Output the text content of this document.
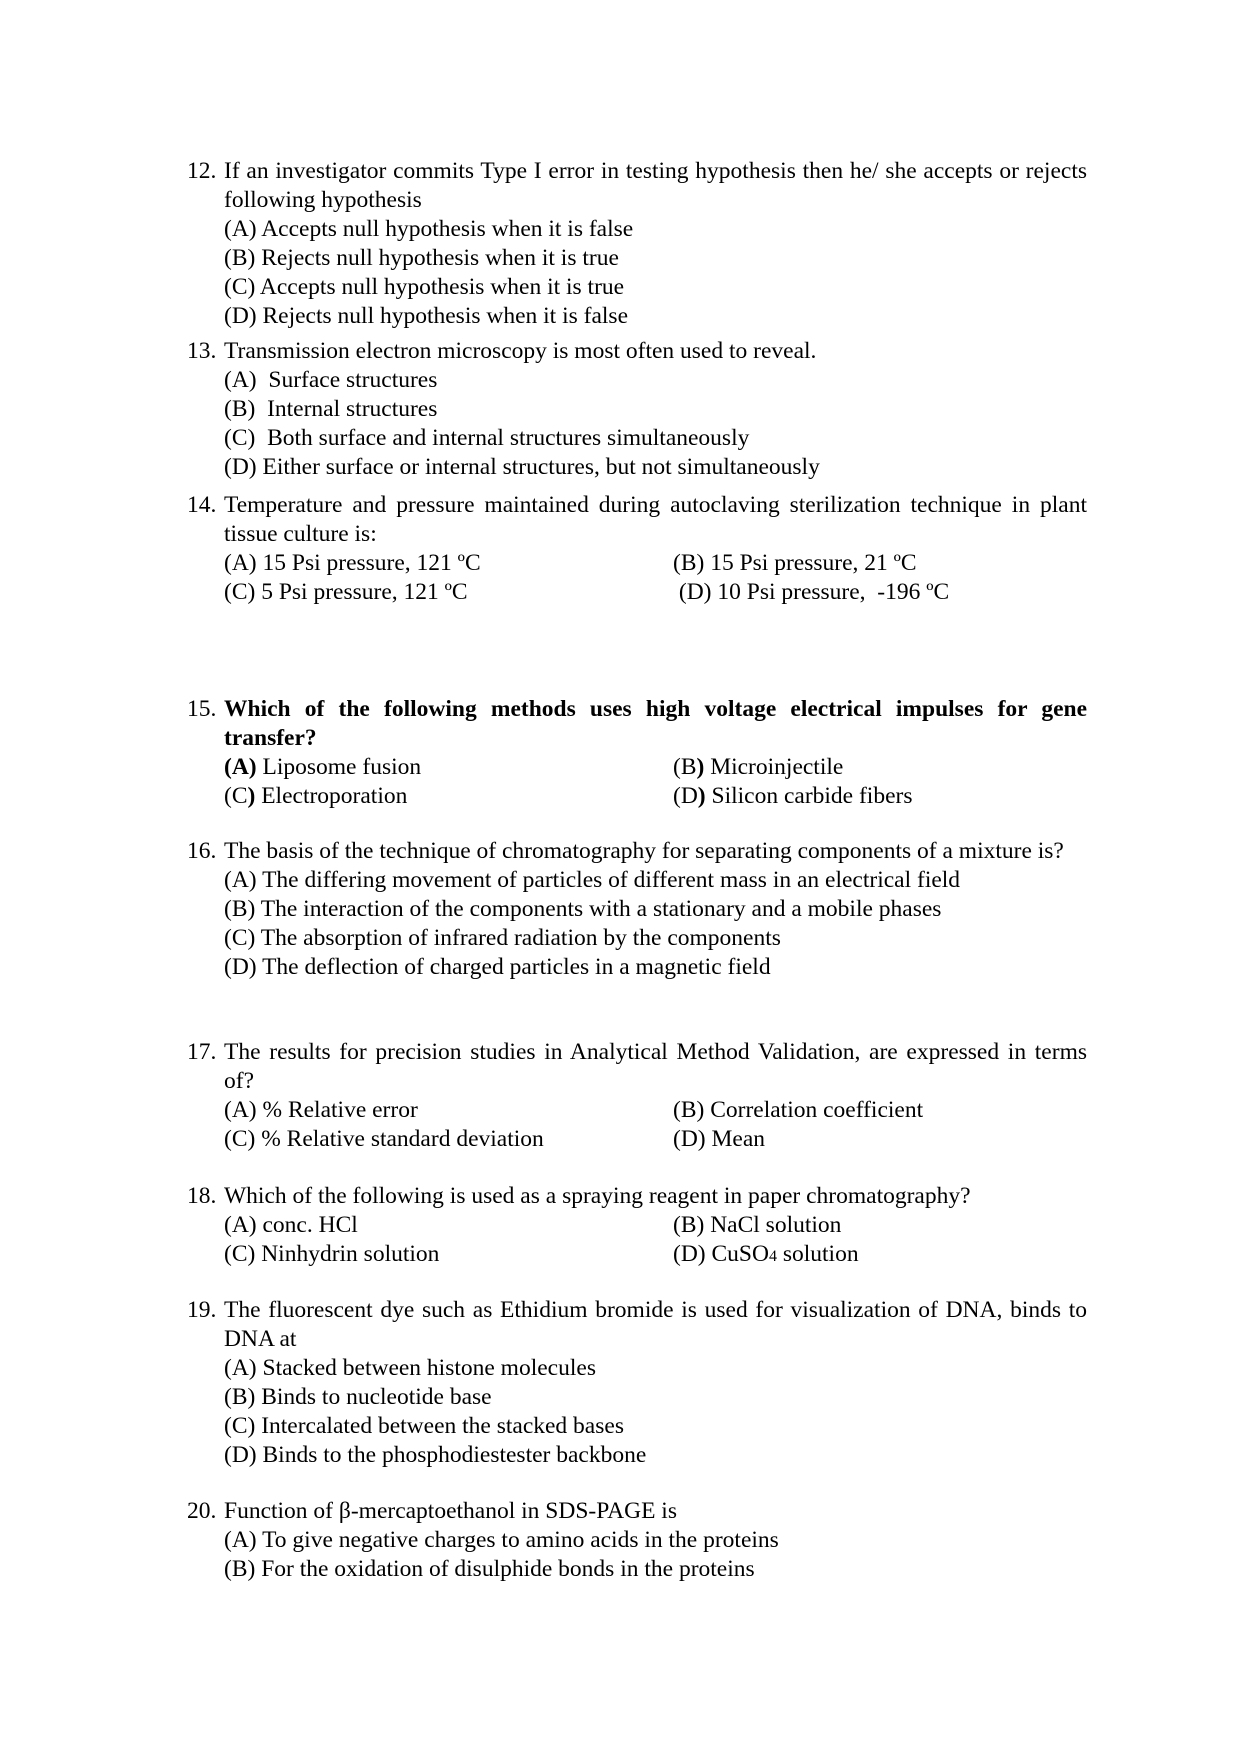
12. If an investigator commits Type I error in testing hypothesis then he/ she accepts or rejects following hypothesis
(A) Accepts null hypothesis when it is false
(B) Rejects null hypothesis when it is true
(C) Accepts null hypothesis when it is true
(D) Rejects null hypothesis when it is false
13. Transmission electron microscopy is most often used to reveal.
(A)  Surface structures
(B)  Internal structures
(C)  Both surface and internal structures simultaneously
(D) Either surface or internal structures, but not simultaneously
14. Temperature and pressure maintained during autoclaving sterilization technique in plant tissue culture is:
(A) 15 Psi pressure, 121 ºC	(B) 15 Psi pressure, 21 ºC
(C) 5 Psi pressure, 121 ºC	(D) 10 Psi pressure,  -196 ºC
15. Which of the following methods uses high voltage electrical impulses for gene transfer?
(A) Liposome fusion	(B) Microinjectile
(C) Electroporation	(D) Silicon carbide fibers
16. The basis of the technique of chromatography for separating components of a mixture is?
(A) The differing movement of particles of different mass in an electrical field
(B) The interaction of the components with a stationary and a mobile phases
(C) The absorption of infrared radiation by the components
(D) The deflection of charged particles in a magnetic field
17. The results for precision studies in Analytical Method Validation, are expressed in terms of?
(A) % Relative error	(B) Correlation coefficient
(C) % Relative standard deviation	(D) Mean
18. Which of the following is used as a spraying reagent in paper chromatography?
(A) conc. HCl	(B) NaCl solution
(C) Ninhydrin solution	(D) CuSO4 solution
19. The fluorescent dye such as Ethidium bromide is used for visualization of DNA, binds to DNA at
(A) Stacked between histone molecules
(B) Binds to nucleotide base
(C) Intercalated between the stacked bases
(D) Binds to the phosphodiestester backbone
20. Function of β-mercaptoethanol in SDS-PAGE is
(A) To give negative charges to amino acids in the proteins
(B) For the oxidation of disulphide bonds in the proteins
